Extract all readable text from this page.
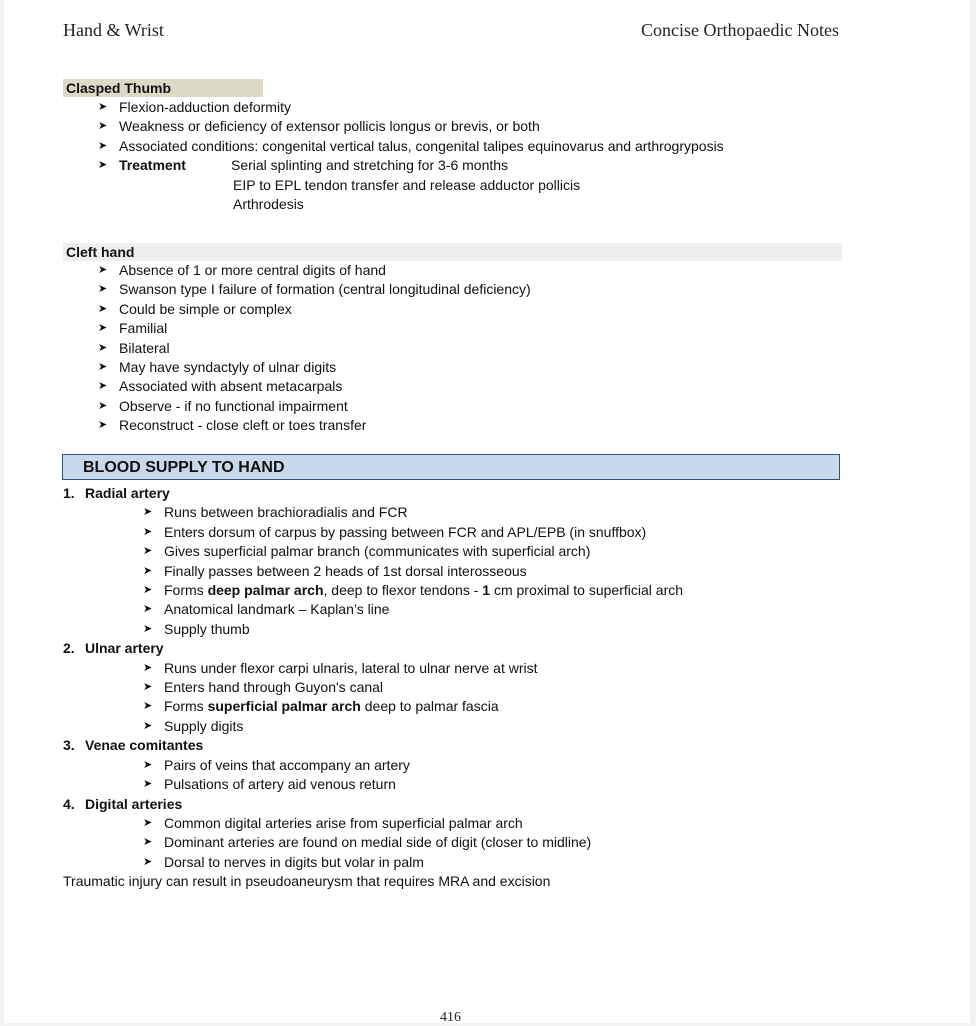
Hand & Wrist	Concise Orthopaedic Notes
Clasped Thumb
➤ Flexion-adduction deformity
➤ Weakness or deficiency of extensor pollicis longus or brevis, or both
➤ Associated conditions: congenital vertical talus, congenital talipes equinovarus and arthrogryposis
➤ Treatment	Serial splinting and stretching for 3-6 months
EIP to EPL tendon transfer and release adductor pollicis
Arthrodesis
Cleft hand
➤ Absence of 1 or more central digits of hand
➤ Swanson type I failure of formation (central longitudinal deficiency)
➤ Could be simple or complex
➤ Familial
➤ Bilateral
➤ May have syndactyly of ulnar digits
➤ Associated with absent metacarpals
➤ Observe - if no functional impairment
➤ Reconstruct - close cleft or toes transfer
BLOOD SUPPLY TO HAND
1. Radial artery
➤ Runs between brachioradialis and FCR
➤ Enters dorsum of carpus by passing between FCR and APL/EPB (in snuffbox)
➤ Gives superficial palmar branch (communicates with superficial arch)
➤ Finally passes between 2 heads of 1st dorsal interosseous
➤ Forms deep palmar arch, deep to flexor tendons - 1 cm proximal to superficial arch
➤ Anatomical landmark – Kaplan’s line
➤ Supply thumb
2. Ulnar artery
➤ Runs under flexor carpi ulnaris, lateral to ulnar nerve at wrist
➤ Enters hand through Guyon's canal
➤ Forms superficial palmar arch deep to palmar fascia
➤ Supply digits
3. Venae comitantes
➤ Pairs of veins that accompany an artery
➤ Pulsations of artery aid venous return
4. Digital arteries
➤ Common digital arteries arise from superficial palmar arch
➤ Dominant arteries are found on medial side of digit (closer to midline)
➤ Dorsal to nerves in digits but volar in palm
Traumatic injury can result in pseudoaneurysm that requires MRA and excision
416
